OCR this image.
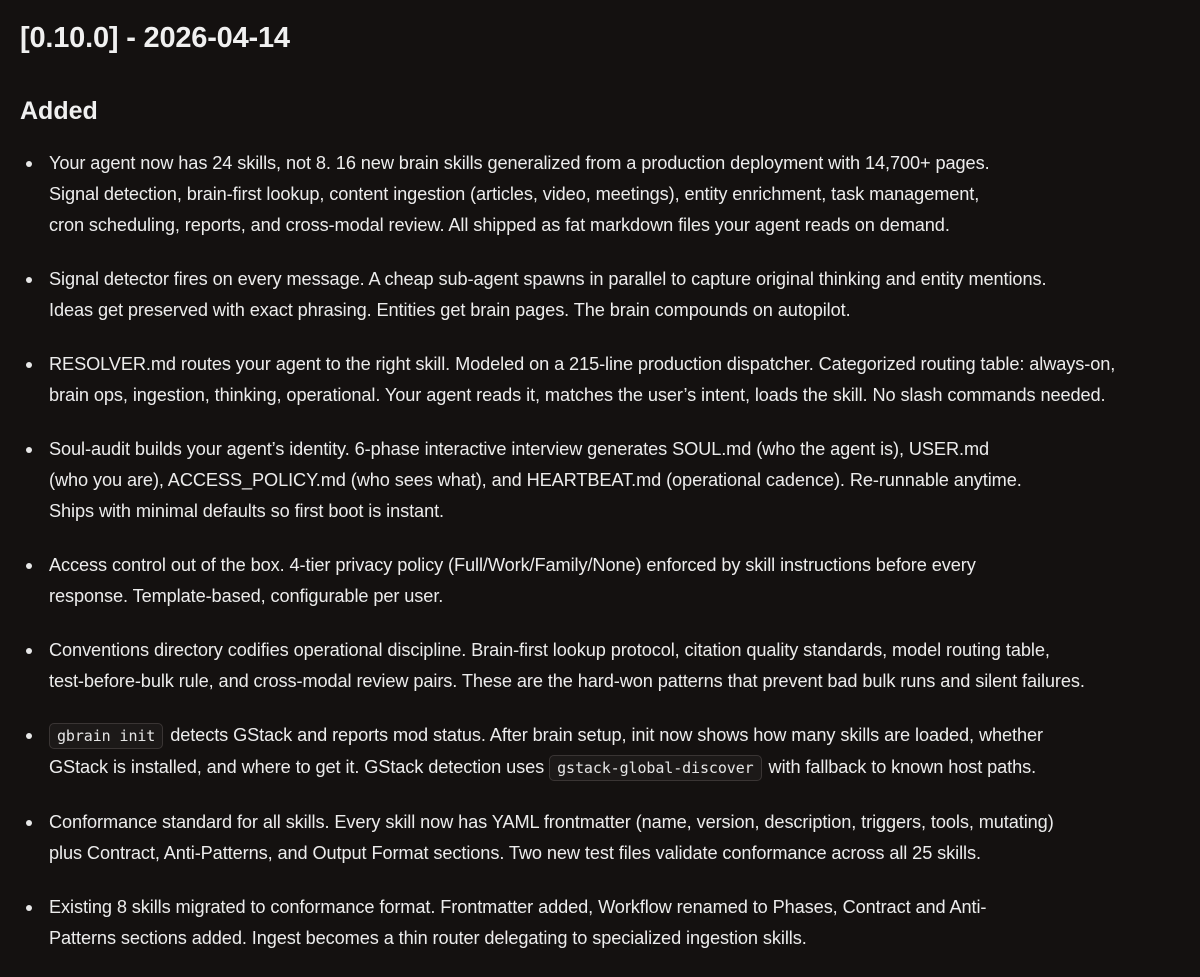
[0.10.0] - 2026-04-14
Added
Your agent now has 24 skills, not 8. 16 new brain skills generalized from a production deployment with 14,700+ pages.
Signal detection, brain-first lookup, content ingestion (articles, video, meetings), entity enrichment, task management,
cron scheduling, reports, and cross-modal review. All shipped as fat markdown files your agent reads on demand.
Signal detector fires on every message. A cheap sub-agent spawns in parallel to capture original thinking and entity mentions.
Ideas get preserved with exact phrasing. Entities get brain pages. The brain compounds on autopilot.
RESOLVER.md routes your agent to the right skill. Modeled on a 215-line production dispatcher. Categorized routing table: always-on,
brain ops, ingestion, thinking, operational. Your agent reads it, matches the user’s intent, loads the skill. No slash commands needed.
Soul-audit builds your agent’s identity. 6-phase interactive interview generates SOUL.md (who the agent is), USER.md
(who you are), ACCESS_POLICY.md (who sees what), and HEARTBEAT.md (operational cadence). Re-runnable anytime.
Ships with minimal defaults so first boot is instant.
Access control out of the box. 4-tier privacy policy (Full/Work/Family/None) enforced by skill instructions before every
response. Template-based, configurable per user.
Conventions directory codifies operational discipline. Brain-first lookup protocol, citation quality standards, model routing table,
test-before-bulk rule, and cross-modal review pairs. These are the hard-won patterns that prevent bad bulk runs and silent failures.
gbrain init detects GStack and reports mod status. After brain setup, init now shows how many skills are loaded, whether
GStack is installed, and where to get it. GStack detection uses gstack-global-discover with fallback to known host paths.
Conformance standard for all skills. Every skill now has YAML frontmatter (name, version, description, triggers, tools, mutating)
plus Contract, Anti-Patterns, and Output Format sections. Two new test files validate conformance across all 25 skills.
Existing 8 skills migrated to conformance format. Frontmatter added, Workflow renamed to Phases, Contract and Anti-
Patterns sections added. Ingest becomes a thin router delegating to specialized ingestion skills.
